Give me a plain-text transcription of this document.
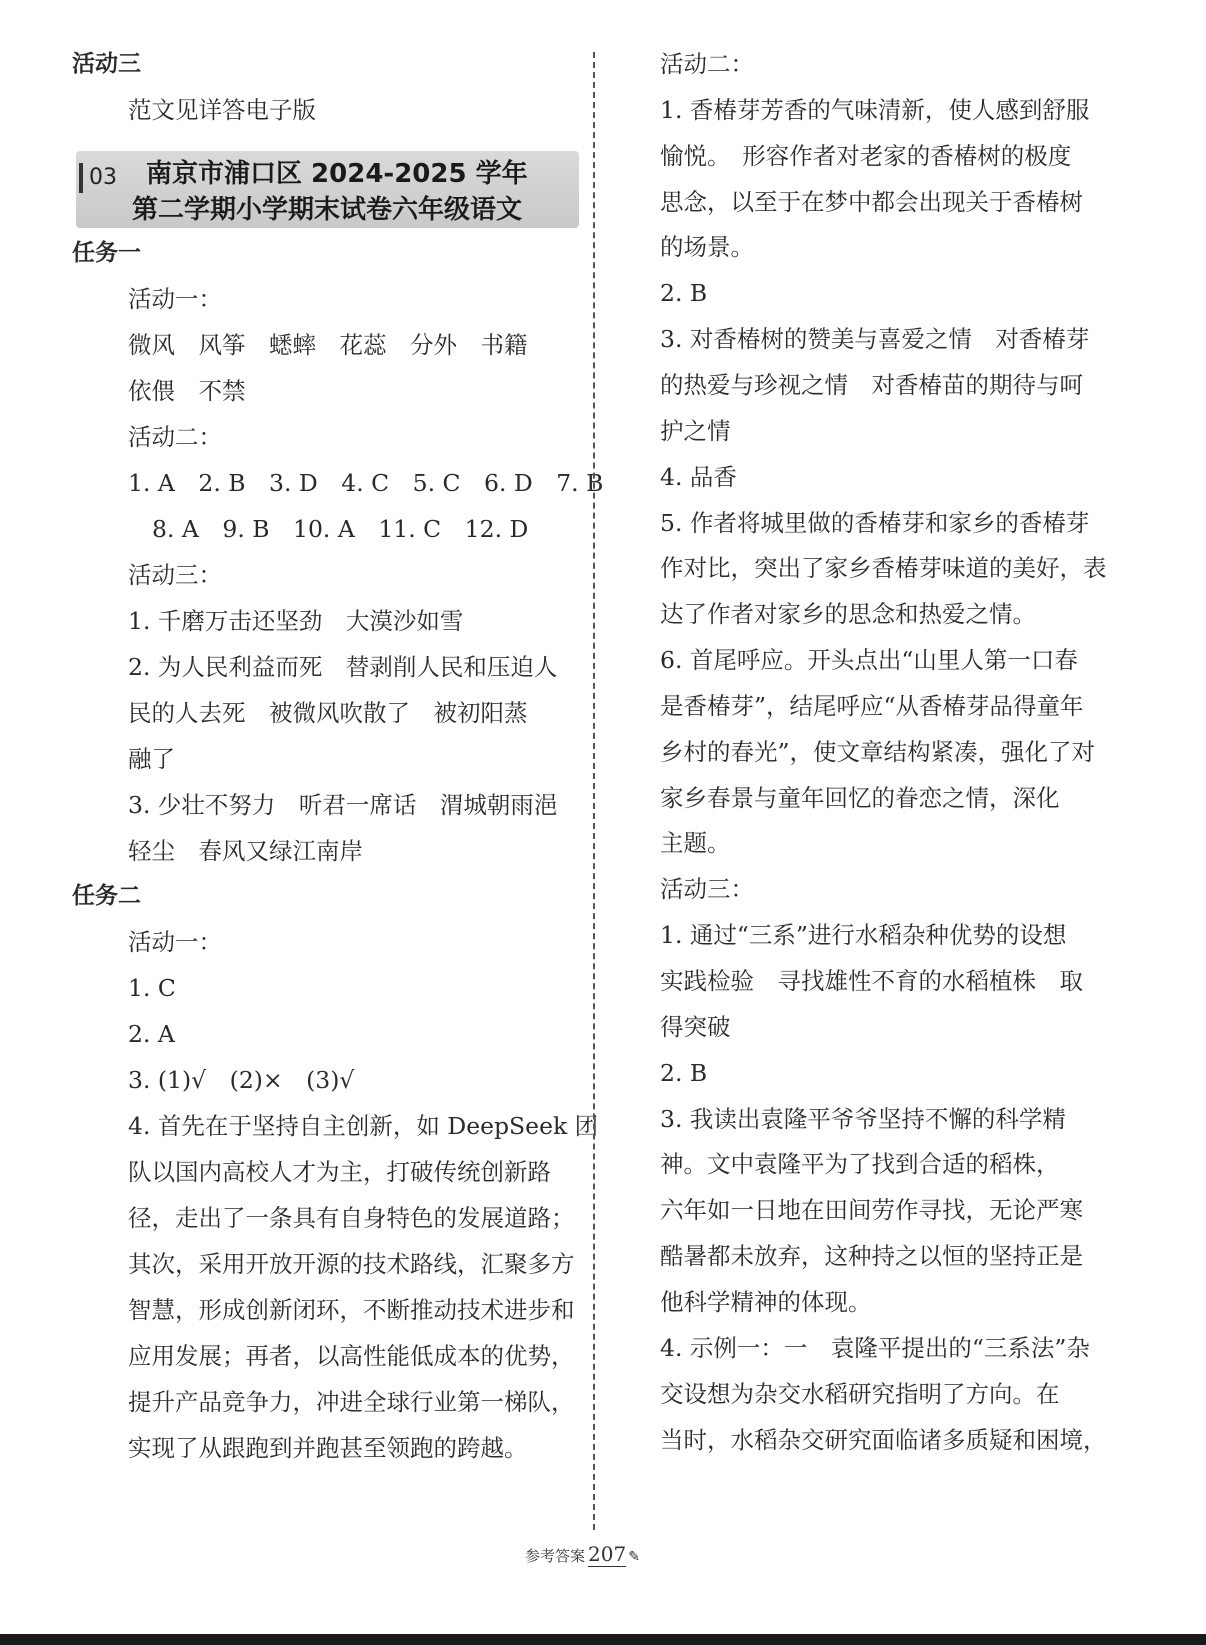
活动三
范文见详答电子版
任务一
活动一：
微风　风筝　蟋蟀　花蕊　分外　书籍
依偎　不禁
活动二：
1. A　2. B　3. D　4. C　5. C　6. D　7. B
8. A　9. B　10. A　11. C　12. D
活动三：
1. 千磨万击还坚劲　大漠沙如雪
2. 为人民利益而死　替剥削人民和压迫人
民的人去死　被微风吹散了　被初阳蒸
融了
3. 少壮不努力　听君一席话　渭城朝雨浥
轻尘　春风又绿江南岸
任务二
活动一：
1. C
2. A
3. (1)√　(2)×　(3)√
4. 首先在于坚持自主创新，如 DeepSeek 团
队以国内高校人才为主，打破传统创新路
径，走出了一条具有自身特色的发展道路；
其次，采用开放开源的技术路线，汇聚多方
智慧，形成创新闭环，不断推动技术进步和
应用发展；再者，以高性能低成本的优势，
提升产品竞争力，冲进全球行业第一梯队，
实现了从跟跑到并跑甚至领跑的跨越。
活动二：
1. 香椿芽芳香的气味清新，使人感到舒服
愉悦。　形容作者对老家的香椿树的极度
思念，以至于在梦中都会出现关于香椿树
的场景。
2. B
3. 对香椿树的赞美与喜爱之情　对香椿芽
的热爱与珍视之情　对香椿苗的期待与呵
护之情
4. 品香
5. 作者将城里做的香椿芽和家乡的香椿芽
作对比，突出了家乡香椿芽味道的美好，表
达了作者对家乡的思念和热爱之情。
6. 首尾呼应。开头点出“山里人第一口春
是香椿芽”，结尾呼应“从香椿芽品得童年
乡村的春光”，使文章结构紧凑，强化了对
家乡春景与童年回忆的眷恋之情，深化
主题。
活动三：
1. 通过“三系”进行水稻杂种优势的设想
实践检验　寻找雄性不育的水稻植株　取
得突破
2. B
3. 我读出袁隆平爷爷坚持不懈的科学精
神。文中袁隆平为了找到合适的稻株，
六年如一日地在田间劳作寻找，无论严寒
酷暑都未放弃，这种持之以恒的坚持正是
他科学精神的体现。
4. 示例一：一　袁隆平提出的“三系法”杂
交设想为杂交水稻研究指明了方向。在
当时，水稻杂交研究面临诸多质疑和困境，
03	南京市浦口区 2024-2025 学年
第二学期小学期末试卷六年级语文
参考答案 207 ✎
